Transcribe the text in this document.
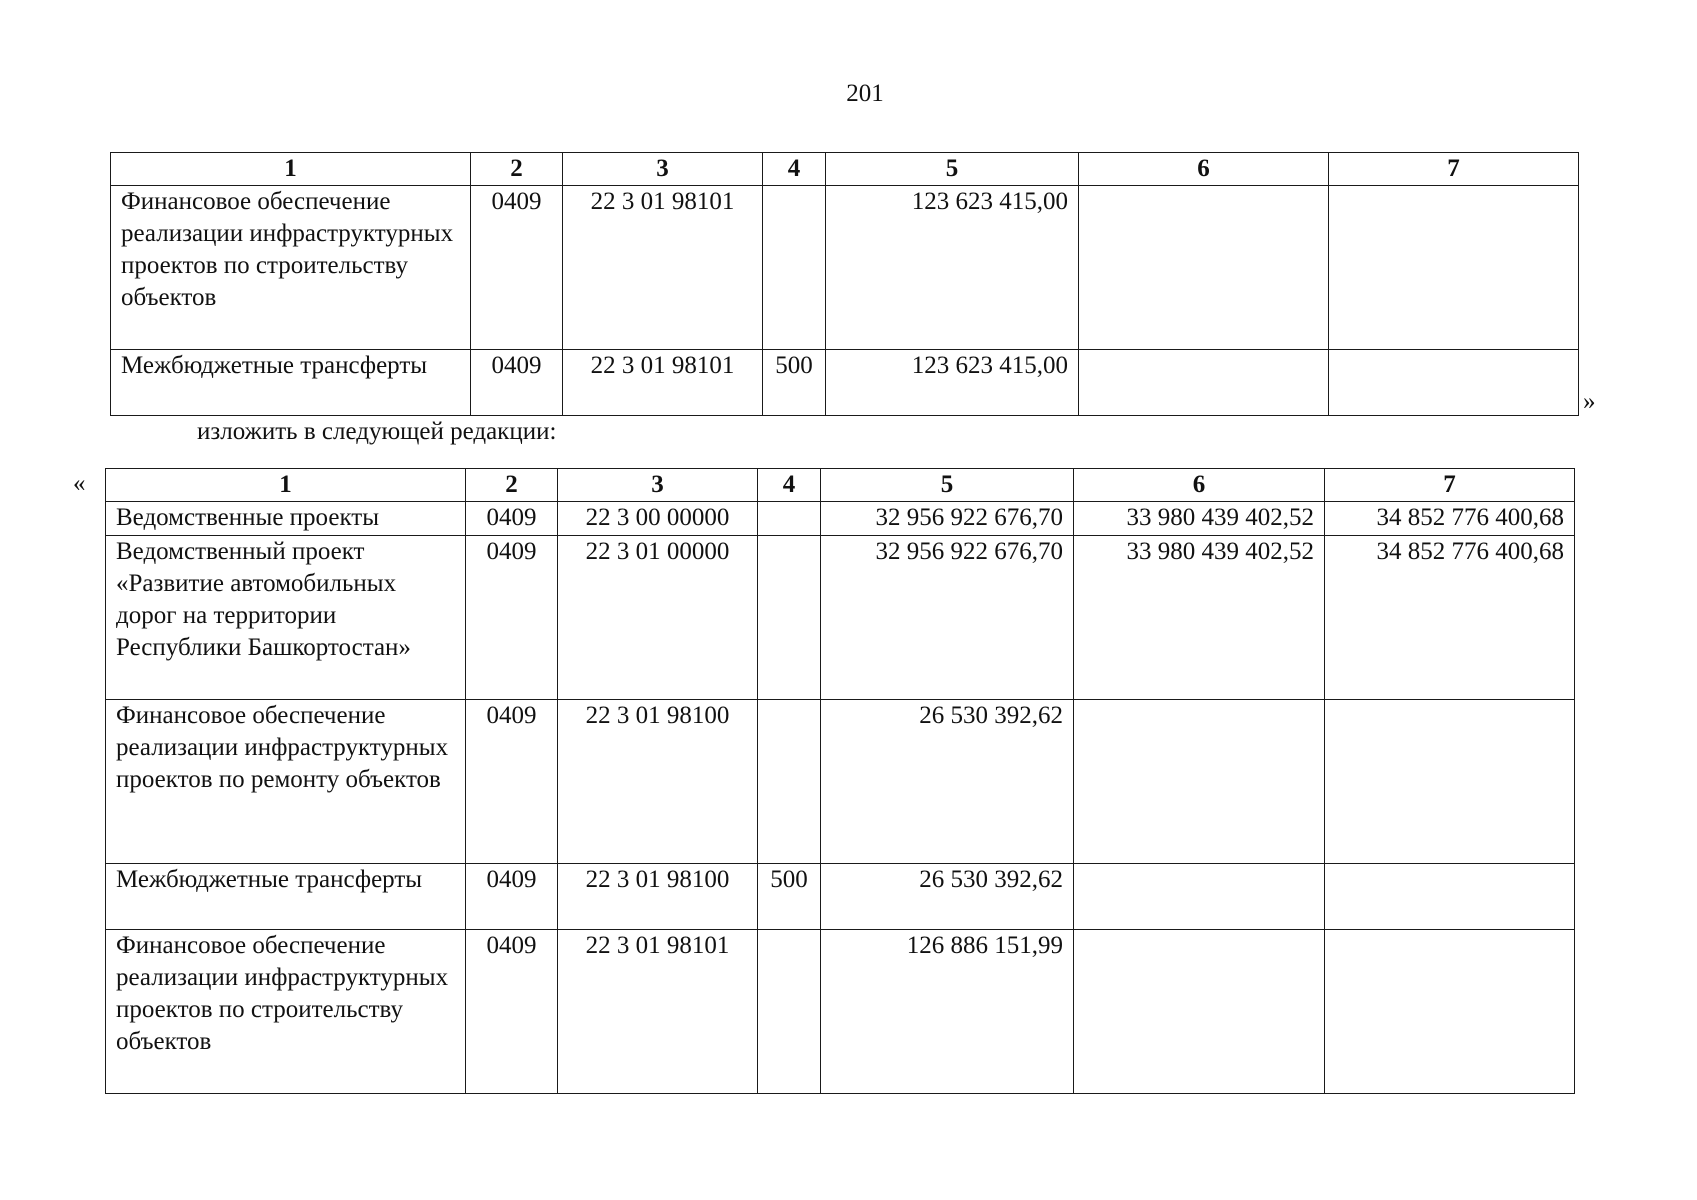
201
1	2	3	4	5	6	7
Финансовое обеспечение реализации инфраструктурных проектов по строительству объектов	0409	22 3 01 98101		123 623 415,00		
Межбюджетные трансферты	0409	22 3 01 98101	500	123 623 415,00		
»
изложить в следующей редакции:
«	1	2	3	4	5	6	7
Ведомственные проекты	0409	22 3 00 00000		32 956 922 676,70	33 980 439 402,52	34 852 776 400,68
Ведомственный проект «Развитие автомобильных дорог на территории Республики Башкортостан»	0409	22 3 01 00000		32 956 922 676,70	33 980 439 402,52	34 852 776 400,68
Финансовое обеспечение реализации инфраструктурных проектов по ремонту объектов	0409	22 3 01 98100		26 530 392,62		
Межбюджетные трансферты	0409	22 3 01 98100	500	26 530 392,62		
Финансовое обеспечение реализации инфраструктурных проектов по строительству объектов	0409	22 3 01 98101		126 886 151,99		
